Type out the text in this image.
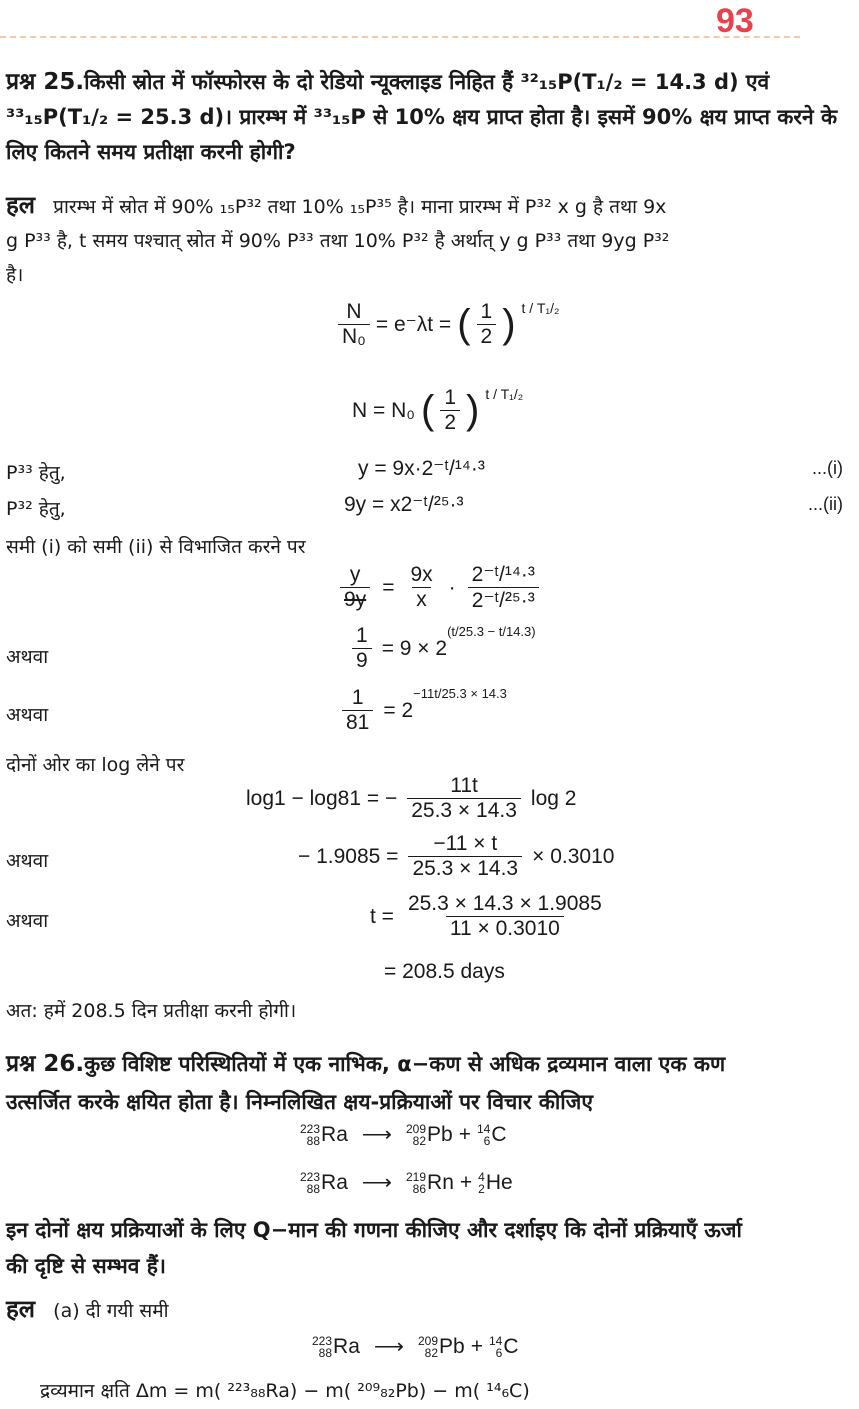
93
प्रश्न 25.किसी स्रोत में फॉस्फोरस के दो रेडियो न्यूक्लाइड निहित हैं ³²₁₅P(T₁/₂ = 14.3 d) एवं
³³₁₅P(T₁/₂ = 25.3 d)। प्रारम्भ में ³³₁₅P से 10% क्षय प्राप्त होता है। इसमें 90% क्षय प्राप्त करने के
लिए कितने समय प्रतीक्षा करनी होगी?
हल प्रारम्भ में स्रोत में 90% ₁₅P³² तथा 10% ₁₅P³⁵ है। माना प्रारम्भ में P³² x g है तथा 9x
g P³³ है, t समय पश्चात् स्रोत में 90% P³³ तथा 10% P³² है अर्थात् y g P³³ तथा 9yg P³²
है।
$\frac{N}{\text{N₀}} = e^-\lambda t$ = ( $\frac{1}{2}$ ) $^{t / T_1/_2}$
N = N₀ ( $\frac{1}{2}$ ) $^{t / T_1/_2}$
P³³ हेतु,	y = 9x·2⁻ᵗ/¹⁴·³	...(i)
P³² हेतु,	9y = x2⁻ᵗ/²⁵·³	...(ii)
समी (i) को समी (ii) से विभाजित करने पर
$\frac{y}{9y} = \frac{9x}{x} \cdot \frac{\text{2⁻ᵗ/¹⁴·³}}{\text{2⁻ᵗ/²⁵·³}}$
अथवा	$\frac{1}{9} = 9 \times 2$
$^{(t/25.3 - t/14.3)}$
अथवा	$\frac{1}{81} = 2$
$^{-11t/25.3 \times 14.3}$
दोनों ओर का log लेने पर
log1 − log81 = − $\frac{11t}{25.3 \times 14.3}$ log 2
अथवा	− $1.9085 = \frac{-11 \times t}{25.3 \times 14.3} \times 0.3010$
अथवा	$t = \frac{25.3 \times 14.3 \times 1.9085}{11 \times 0.3010}$
= 208.5 days
अत: हमें 208.5 दिन प्रतीक्षा करनी होगी।
प्रश्न 26.कुछ विशिष्ट परिस्थितियों में एक नाभिक, α−कण से अधिक द्रव्यमान वाला एक कण
उत्सर्जित करके क्षयित होता है। निम्नलिखित क्षय-प्रक्रियाओं पर विचार कीजिए
223
88 Ra ⟶ 209
82 Pb + 14
6 C
223
88 Ra ⟶ 219
86 Rn + 4
2 He
इन दोनों क्षय प्रक्रियाओं के लिए Q−मान की गणना कीजिए और दर्शाइए कि दोनों प्रक्रियाएँ ऊर्जा
की दृष्टि से सम्भव हैं।
हल (a) दी गयी समी
223
88 Ra ⟶ 209
82 Pb + 14
6 C
द्रव्यमान क्षति Δm = m( ²²³₈₈Ra) − m( ²⁰⁹₈₂Pb) − m( ¹⁴₆C)
